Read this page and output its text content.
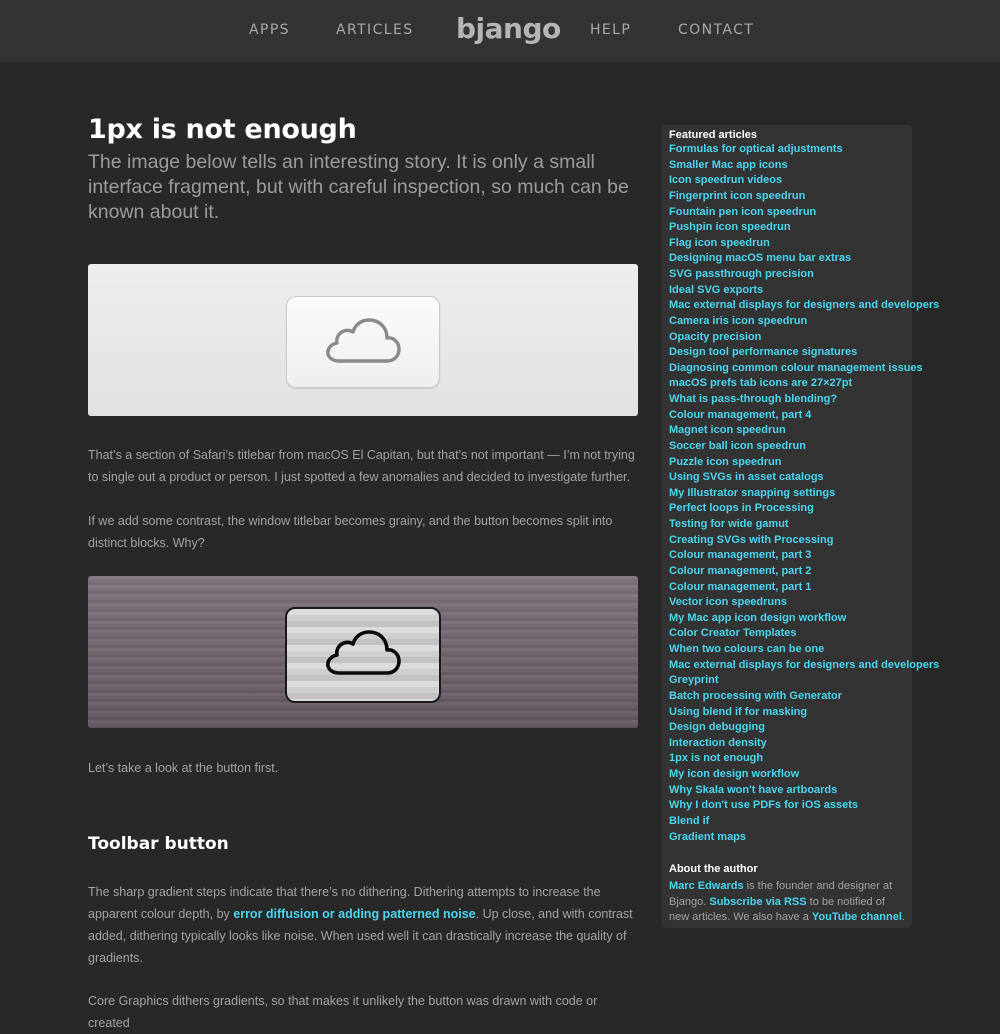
APPS	ARTICLES bjango HELP	CONTACT
1px is not enough

The image below tells an interesting story. It is only a small interface fragment, but with careful inspection, so much can be known about it.

That’s a section of Safari’s titlebar from macOS El Capitan, but that’s not important — I’m not trying to single out a product or person. I just spotted a few anomalies and decided to investigate further.

If we add some contrast, the window titlebar becomes grainy, and the button becomes split into distinct blocks. Why?

Let’s take a look at the button first.

Toolbar button

The sharp gradient steps indicate that there’s no dithering. Dithering attempts to increase the apparent colour depth, by error diffusion or adding patterned noise. Up close, and with contrast added, dithering typically looks like noise. When used well it can drastically increase the quality of gradients.

Core Graphics dithers gradients, so that makes it unlikely the button was drawn with code or created

Featured articles
Formulas for optical adjustments
Smaller Mac app icons
Icon speedrun videos
Fingerprint icon speedrun
Fountain pen icon speedrun
Pushpin icon speedrun
Flag icon speedrun
Designing macOS menu bar extras
SVG passthrough precision
Ideal SVG exports
Mac external displays for designers and developers
Camera iris icon speedrun
Opacity precision
Design tool performance signatures
Diagnosing common colour management issues
macOS prefs tab icons are 27×27pt
What is pass-through blending?
Colour management, part 4
Magnet icon speedrun
Soccer ball icon speedrun
Puzzle icon speedrun
Using SVGs in asset catalogs
My Illustrator snapping settings
Perfect loops in Processing
Testing for wide gamut
Creating SVGs with Processing
Colour management, part 3
Colour management, part 2
Colour management, part 1
Vector icon speedruns
My Mac app icon design workflow
Color Creator Templates
When two colours can be one
Mac external displays for designers and developers
Greyprint
Batch processing with Generator
Using blend if for masking
Design debugging
Interaction density
1px is not enough
My icon design workflow
Why Skala won't have artboards
Why I don't use PDFs for iOS assets
Blend if
Gradient maps
About the author

Marc Edwards is the founder and designer at Bjango. Subscribe via RSS to be notified of new articles. We also have a YouTube channel.
